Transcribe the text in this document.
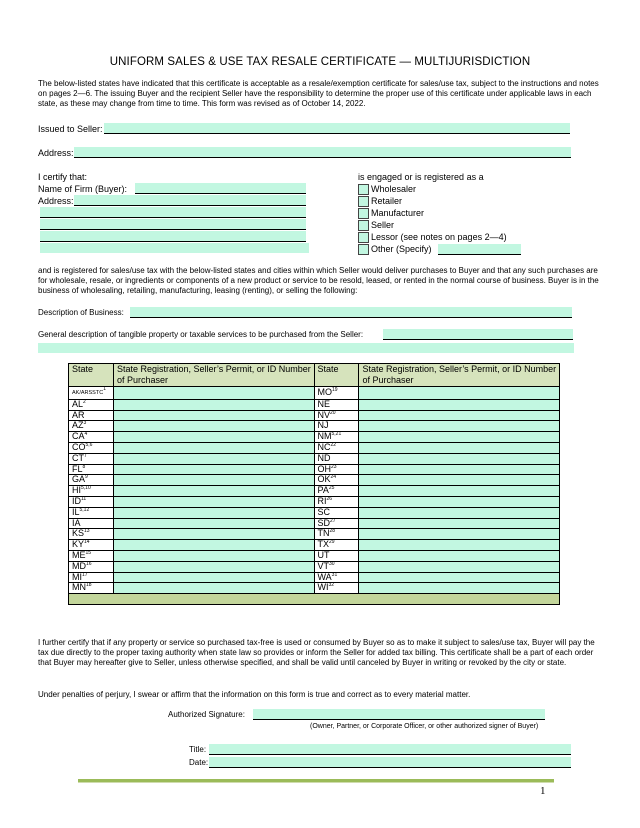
UNIFORM SALES & USE TAX RESALE CERTIFICATE — MULTIJURISDICTION
The below-listed states have indicated that this certificate is acceptable as a resale/exemption certificate for sales/use tax, subject to the instructions and notes on pages 2—6. The issuing Buyer and the recipient Seller have the responsibility to determine the proper use of this certificate under applicable laws in each state, as these may change from time to time. This form was revised as of October 14, 2022.
Issued to Seller:
Address:
I certify that:
Name of Firm (Buyer):
Address:
is engaged or is registered as a
Wholesaler
Retailer
Manufacturer
Seller
Lessor (see notes on pages 2—4)
Other (Specify)
and is registered for sales/use tax with the below-listed states and cities within which Seller would deliver purchases to Buyer and that any such purchases are for wholesale, resale, or ingredients or components of a new product or service to be resold, leased, or rented in the normal course of business. Buyer is in the business of wholesaling, retailing, manufacturing, leasing (renting), or selling the following:
Description of Business:
General description of tangible property or taxable services to be purchased from the Seller:
State	State Registration, Seller’s Permit, or ID Number of Purchaser	State	State Registration, Seller’s Permit, or ID Number of Purchaser
AK/ARSSTC$^1$		MO$^{19}$	
$AL^2$		NE	
AR		NV$^{20}$	
$AZ^3$		NJ	
$CA^4$		NM$^{5,21}$	
CO$^{5,6}$		NC$^{22}$	
$CT^7$		ND	
$FL^8$		OH$^{23}$	
$GA^9$		OK$^{24}$	
HI$^{5,10}$		PA$^{25}$	
ID$^{11}$		RI$^{26}$	
IL$^{5,12}$		SC	
IA		SD$^{27}$	
KS$^{13}$		TN$^{28}$	
KY$^{14}$		TX$^{29}$	
ME$^{15}$		UT	
MD$^{16}$		VT$^{30}$	
MI$^{17}$		WA$^{31}$	
MN$^{18}$		WI$^{32}$	

I further certify that if any property or service so purchased tax-free is used or consumed by Buyer so as to make it subject to sales/use tax, Buyer will pay the tax due directly to the proper taxing authority when state law so provides or inform the Seller for added tax billing. This certificate shall be a part of each order that Buyer may hereafter give to Seller, unless otherwise specified, and shall be valid until canceled by Buyer in writing or revoked by the city or state.
Under penalties of perjury, I swear or affirm that the information on this form is true and correct as to every material matter.
Authorized Signature:
(Owner, Partner, or Corporate Officer, or other authorized signer of Buyer)
Title:
Date:
1
